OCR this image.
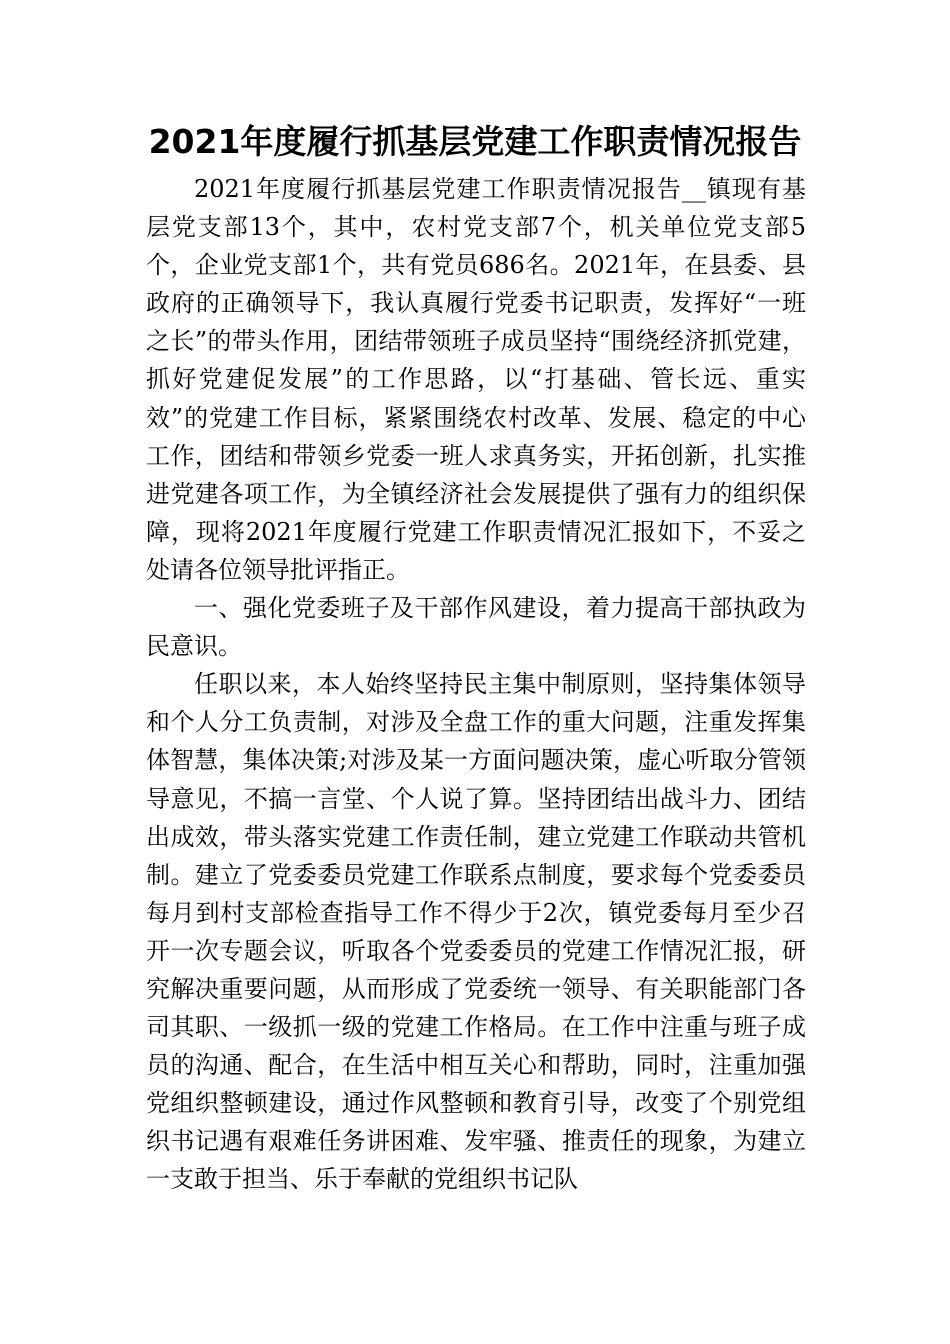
2021年度履行抓基层党建工作职责情况报告

2021年度履行抓基层党建工作职责情况报告__镇现有基层党支部13个，其中，农村党支部7个，机关单位党支部5个，企业党支部1个，共有党员686名。2021年，在县委、县政府的正确领导下，我认真履行党委书记职责，发挥好“一班之长”的带头作用，团结带领班子成员坚持“围绕经济抓党建，抓好党建促发展”的工作思路，以“打基础、管长远、重实效”的党建工作目标，紧紧围绕农村改革、发展、稳定的中心工作，团结和带领乡党委一班人求真务实，开拓创新，扎实推进党建各项工作，为全镇经济社会发展提供了强有力的组织保障，现将2021年度履行党建工作职责情况汇报如下，不妥之处请各位领导批评指正。

一、强化党委班子及干部作风建设，着力提高干部执政为民意识。

任职以来，本人始终坚持民主集中制原则，坚持集体领导和个人分工负责制，对涉及全盘工作的重大问题，注重发挥集体智慧，集体决策;对涉及某一方面问题决策，虚心听取分管领导意见，不搞一言堂、个人说了算。坚持团结出战斗力、团结出成效，带头落实党建工作责任制，建立党建工作联动共管机制。建立了党委委员党建工作联系点制度，要求每个党委委员每月到村支部检查指导工作不得少于2次，镇党委每月至少召开一次专题会议，听取各个党委委员的党建工作情况汇报，研究解决重要问题，从而形成了党委统一领导、有关职能部门各司其职、一级抓一级的党建工作格局。在工作中注重与班子成员的沟通、配合，在生活中相互关心和帮助，同时，注重加强党组织整顿建设，通过作风整顿和教育引导，改变了个别党组织书记遇有艰难任务讲困难、发牢骚、推责任的现象，为建立一支敢于担当、乐于奉献的党组织书记队
